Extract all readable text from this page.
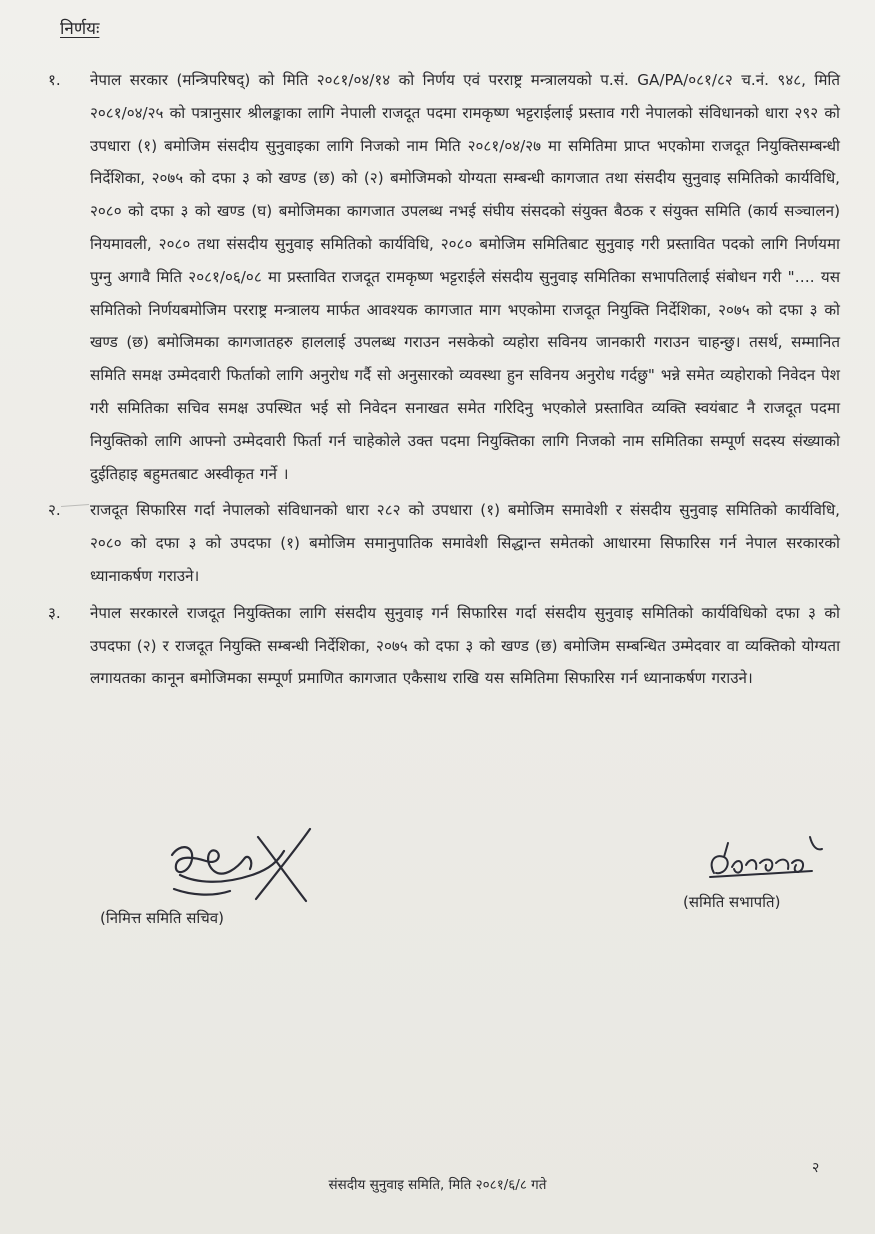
निर्णयः
१. नेपाल सरकार (मन्त्रिपरिषद्) को मिति २०८१/०४/१४ को निर्णय एवं परराष्ट्र मन्त्रालयको प.सं. GA/PA/०८१/८२ च.नं. ९४८, मिति २०८१/०४/२५ को पत्रानुसार श्रीलङ्काका लागि नेपाली राजदूत पदमा रामकृष्ण भट्टराईलाई प्रस्ताव गरी नेपालको संविधानको धारा २९२ को उपधारा (१) बमोजिम संसदीय सुनुवाइका लागि निजको नाम मिति २०८१/०४/२७ मा समितिमा प्राप्त भएकोमा राजदूत नियुक्तिसम्बन्धी निर्देशिका, २०७५ को दफा ३ को खण्ड (छ) को (२) बमोजिमको योग्यता सम्बन्धी कागजात तथा संसदीय सुनुवाइ समितिको कार्यविधि, २०८० को दफा ३ को खण्ड (घ) बमोजिमका कागजात उपलब्ध नभई संघीय संसदको संयुक्त बैठक र संयुक्त समिति (कार्य सञ्चालन) नियमावली, २०८० तथा संसदीय सुनुवाइ समितिको कार्यविधि, २०८० बमोजिम समितिबाट सुनुवाइ गरी प्रस्तावित पदको लागि निर्णयमा पुग्नु अगावै मिति २०८१/०६/०८ मा प्रस्तावित राजदूत रामकृष्ण भट्टराईले संसदीय सुनुवाइ समितिका सभापतिलाई संबोधन गरी "…. यस समितिको निर्णयबमोजिम परराष्ट्र मन्त्रालय मार्फत आवश्यक कागजात माग भएकोमा राजदूत नियुक्ति निर्देशिका, २०७५ को दफा ३ को खण्ड (छ) बमोजिमका कागजातहरु हाललाई उपलब्ध गराउन नसकेको व्यहोरा सविनय जानकारी गराउन चाहन्छु। तसर्थ, सम्मानित समिति समक्ष उम्मेदवारी फिर्ताको लागि अनुरोध गर्दै सो अनुसारको व्यवस्था हुन सविनय अनुरोध गर्दछु" भन्ने समेत व्यहोराको निवेदन पेश गरी समितिका सचिव समक्ष उपस्थित भई सो निवेदन सनाखत समेत गरिदिनु भएकोले प्रस्तावित व्यक्ति स्वयंबाट नै राजदूत पदमा नियुक्तिको लागि आफ्नो उम्मेदवारी फिर्ता गर्न चाहेकोले उक्त पदमा नियुक्तिका लागि निजको नाम समितिका सम्पूर्ण सदस्य संख्याको दुईतिहाइ बहुमतबाट अस्वीकृत गर्ने ।
२. राजदूत सिफारिस गर्दा नेपालको संविधानको धारा २८२ को उपधारा (१) बमोजिम समावेशी र संसदीय सुनुवाइ समितिको कार्यविधि, २०८० को दफा ३ को उपदफा (१) बमोजिम समानुपातिक समावेशी सिद्धान्त समेतको आधारमा सिफारिस गर्न नेपाल सरकारको ध्यानाकर्षण गराउने।
३. नेपाल सरकारले राजदूत नियुक्तिका लागि संसदीय सुनुवाइ गर्न सिफारिस गर्दा संसदीय सुनुवाइ समितिको कार्यविधिको दफा ३ को उपदफा (२) र राजदूत नियुक्ति सम्बन्धी निर्देशिका, २०७५ को दफा ३ को खण्ड (छ) बमोजिम सम्बन्धित उम्मेदवार वा व्यक्तिको योग्यता लगायतका कानून बमोजिमका सम्पूर्ण प्रमाणित कागजात एकैसाथ राखि यस समितिमा सिफारिस गर्न ध्यानाकर्षण गराउने।
(निमित्त समिति सचिव)
(समिति सभापति)
२
संसदीय सुनुवाइ समिति, मिति २०८१/६/८ गते
